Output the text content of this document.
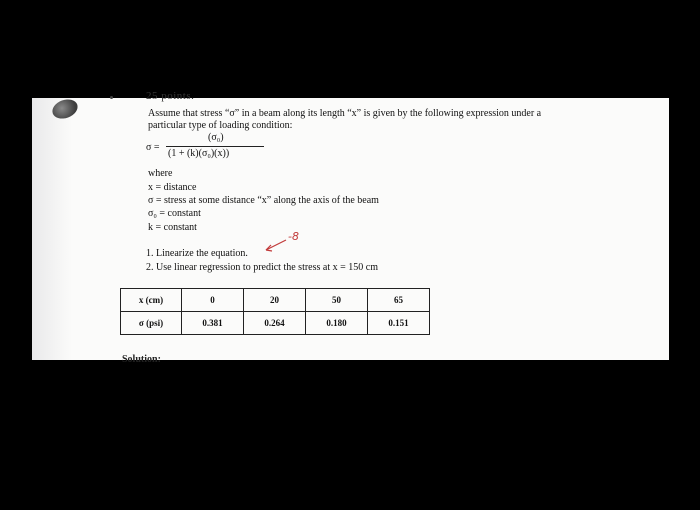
25 points.
Assume that stress “σ” in a beam along its length “x” is given by the following expression under a
particular type of loading condition:
σ =
(σ₀)
(1 + (k)(σ₀)(x))
where
x = distance
σ = stress at some distance “x” along the axis of the beam
σ₀ = constant
k = constant
1. Linearize the equation.
2. Use linear regression to predict the stress at x = 150 cm
-8
x (cm)	0	20	50	65
σ (psi)	0.381	0.264	0.180	0.151
Solution:
